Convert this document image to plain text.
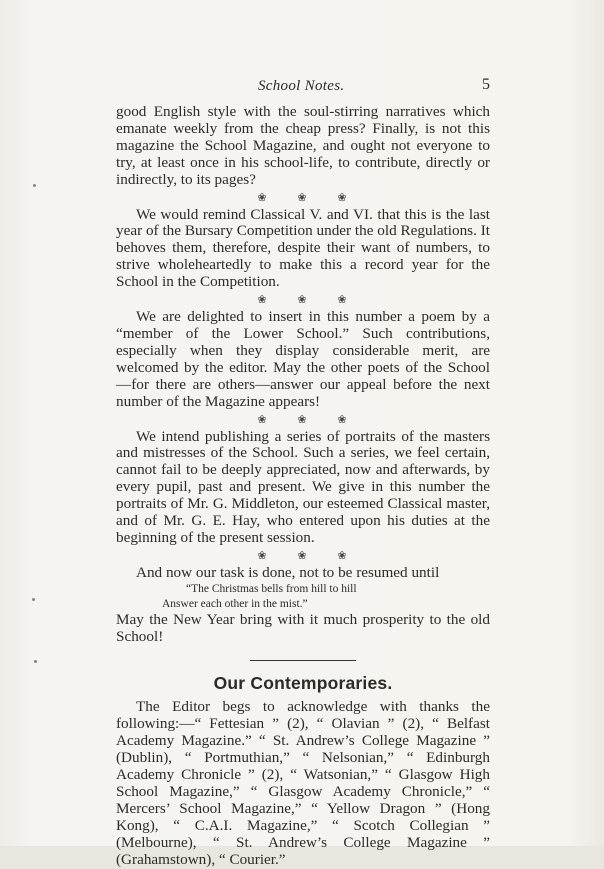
School Notes.	5

good English style with the soul-stirring narratives which emanate weekly from the cheap press? Finally, is not this magazine the School Magazine, and ought not everyone to try, at least once in his school-life, to contribute, directly or indirectly, to its pages?

❀ ❀ ❀

We would remind Classical V. and VI. that this is the last year of the Bursary Competition under the old Regulations. It behoves them, therefore, despite their want of numbers, to strive wholeheartedly to make this a record year for the School in the Competition.

❀ ❀ ❀

We are delighted to insert in this number a poem by a “member of the Lower School.” Such contributions, especially when they display considerable merit, are welcomed by the editor. May the other poets of the School —for there are others—answer our appeal before the next number of the Magazine appears!

❀ ❀ ❀

We intend publishing a series of portraits of the masters and mistresses of the School. Such a series, we feel certain, cannot fail to be deeply appreciated, now and afterwards, by every pupil, past and present. We give in this number the portraits of Mr. G. Middleton, our esteemed Classical master, and of Mr. G. E. Hay, who entered upon his duties at the beginning of the present session.

❀ ❀ ❀

And now our task is done, not to be resumed until

“The Christmas bells from hill to hill
Answer each other in the mist.”

May the New Year bring with it much prosperity to the old School!

Our Contemporaries.

The Editor begs to acknowledge with thanks the following:—“ Fettesian ” (2), “ Olavian ” (2), “ Belfast Academy Magazine.” “ St. Andrew’s College Magazine ” (Dublin), “ Portmuthian,” “ Nelsonian,” “ Edinburgh Academy Chronicle ” (2), “ Watsonian,” “ Glasgow High School Magazine,” “ Glasgow Academy Chronicle,” “ Mercers’ School Magazine,” “ Yellow Dragon ” (Hong Kong), “ C.A.I. Magazine,” “ Scotch Collegian ” (Melbourne), “ St. Andrew’s College Magazine ” (Grahamstown), “ Courier.”
